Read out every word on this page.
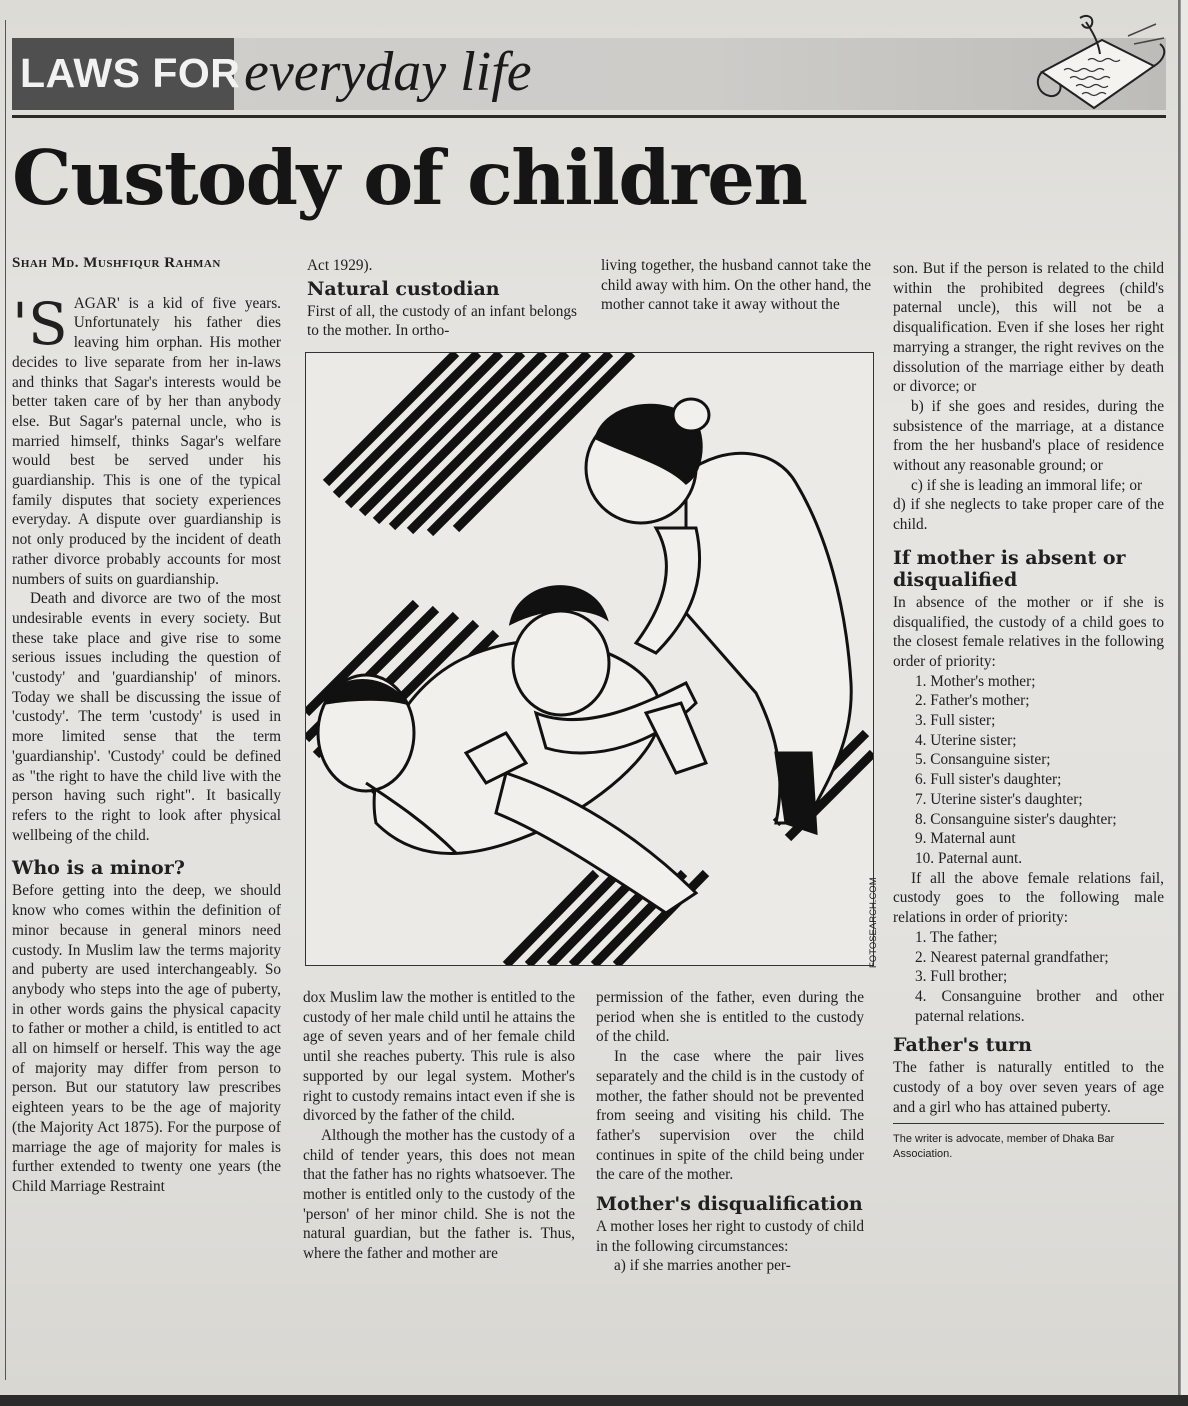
LAWS FOR everyday life
Custody of children
Shah Md. Mushfiqur Rahman

'SAGAR' is a kid of five years. Unfortunately his father dies leaving him orphan. His mother decides to live separate from her in-laws and thinks that Sagar's interests would be better taken care of by her than anybody else. But Sagar's paternal uncle, who is married himself, thinks Sagar's welfare would best be served under his guardianship. This is one of the typical family disputes that society experiences everyday. A dispute over guardianship is not only produced by the incident of death rather divorce probably accounts for most numbers of suits on guardianship.

Death and divorce are two of the most undesirable events in every society. But these take place and give rise to some serious issues including the question of 'custody' and 'guardianship' of minors. Today we shall be discussing the issue of 'custody'. The term 'custody' is used in more limited sense that the term 'guardianship'. 'Custody' could be defined as "the right to have the child live with the person having such right". It basically refers to the right to look after physical wellbeing of the child.

Who is a minor?

Before getting into the deep, we should know who comes within the definition of minor because in general minors need custody. In Muslim law the terms majority and puberty are used interchangeably. So anybody who steps into the age of puberty, in other words gains the physical capacity to father or mother a child, is entitled to act all on himself or herself. This way the age of majority may differ from person to person. But our statutory law prescribes eighteen years to be the age of majority (the Majority Act 1875). For the purpose of marriage the age of majority for males is further extended to twenty one years (the Child Marriage Restraint

Act 1929).

Natural custodian

First of all, the custody of an infant belongs to the mother. In ortho-

living together, the husband cannot take the child away with him. On the other hand, the mother cannot take it away without the

FOTOSEARCH.COM

dox Muslim law the mother is entitled to the custody of her male child until he attains the age of seven years and of her female child until she reaches puberty. This rule is also supported by our legal system. Mother's right to custody remains intact even if she is divorced by the father of the child.

Although the mother has the custody of a child of tender years, this does not mean that the father has no rights whatsoever. The mother is entitled only to the custody of the 'person' of her minor child. She is not the natural guardian, but the father is. Thus, where the father and mother are

permission of the father, even during the period when she is entitled to the custody of the child.

In the case where the pair lives separately and the child is in the custody of mother, the father should not be prevented from seeing and visiting his child. The father's supervision over the child continues in spite of the child being under the care of the mother.

Mother's disqualification

A mother loses her right to custody of child in the following circumstances:

a) if she marries another per-

son. But if the person is related to the child within the prohibited degrees (child's paternal uncle), this will not be a disqualification. Even if she loses her right marrying a stranger, the right revives on the dissolution of the marriage either by death or divorce; or

b) if she goes and resides, during the subsistence of the marriage, at a distance from the her husband's place of residence without any reasonable ground; or

c) if she is leading an immoral life; or

d) if she neglects to take proper care of the child.

If mother is absent or disqualified

In absence of the mother or if she is disqualified, the custody of a child goes to the closest female relatives in the following order of priority:

1. Mother's mother;

2. Father's mother;

3. Full sister;

4. Uterine sister;

5. Consanguine sister;

6. Full sister's daughter;

7. Uterine sister's daughter;

8. Consanguine sister's daughter;

9. Maternal aunt

10. Paternal aunt.

If all the above female relations fail, custody goes to the following male relations in order of priority:

1. The father;

2. Nearest paternal grandfather;

3. Full brother;

4. Consanguine brother and other paternal relations.

Father's turn

The father is naturally entitled to the custody of a boy over seven years of age and a girl who has attained puberty.

The writer is advocate, member of Dhaka Bar Association.
